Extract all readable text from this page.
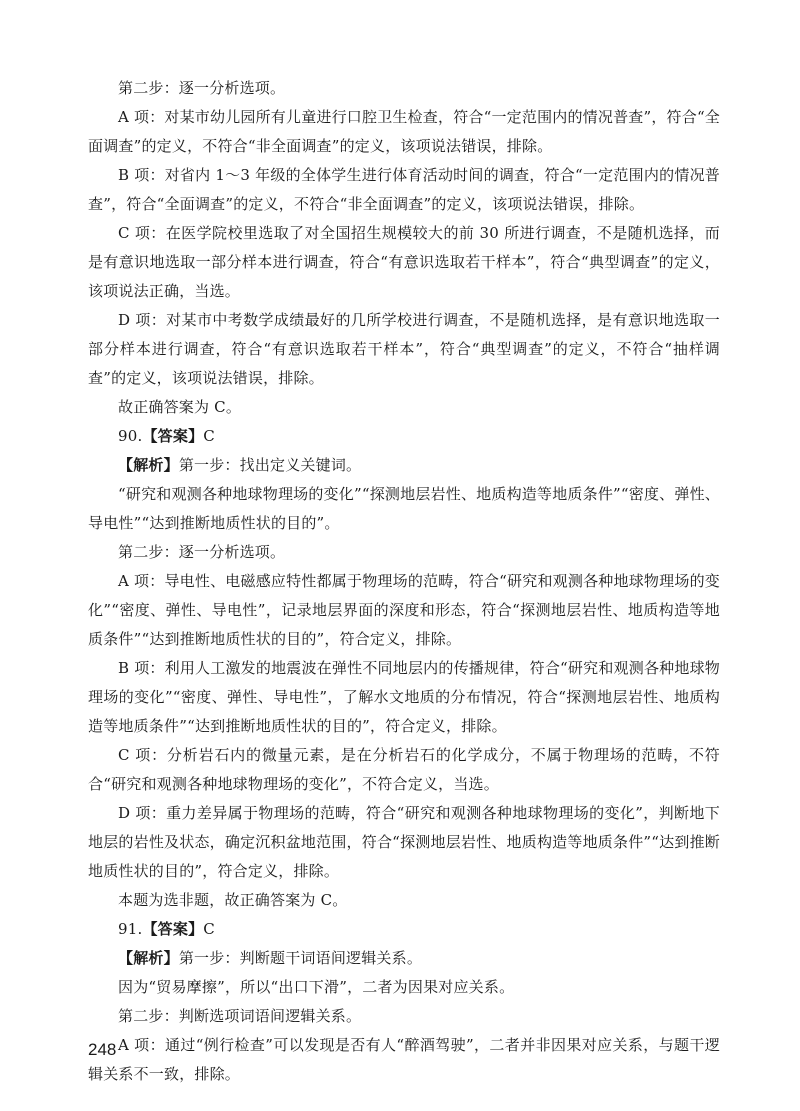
第二步：逐一分析选项。

A 项：对某市幼儿园所有儿童进行口腔卫生检查，符合“一定范围内的情况普查”，符合“全面调查”的定义，不符合“非全面调查”的定义，该项说法错误，排除。

B 项：对省内 1～3 年级的全体学生进行体育活动时间的调查，符合“一定范围内的情况普查”，符合“全面调查”的定义，不符合“非全面调查”的定义，该项说法错误，排除。

C 项：在医学院校里选取了对全国招生规模较大的前 30 所进行调查，不是随机选择，而是有意识地选取一部分样本进行调查，符合“有意识选取若干样本”，符合“典型调查”的定义，该项说法正确，当选。

D 项：对某市中考数学成绩最好的几所学校进行调查，不是随机选择，是有意识地选取一部分样本进行调查，符合“有意识选取若干样本”，符合“典型调查”的定义，不符合“抽样调查”的定义，该项说法错误，排除。

故正确答案为 C。

90.【答案】C

【解析】第一步：找出定义关键词。

“研究和观测各种地球物理场的变化”“探测地层岩性、地质构造等地质条件”“密度、弹性、导电性”“达到推断地质性状的目的”。

第二步：逐一分析选项。

A 项：导电性、电磁感应特性都属于物理场的范畴，符合“研究和观测各种地球物理场的变化”“密度、弹性、导电性”，记录地层界面的深度和形态，符合“探测地层岩性、地质构造等地质条件”“达到推断地质性状的目的”，符合定义，排除。

B 项：利用人工激发的地震波在弹性不同地层内的传播规律，符合“研究和观测各种地球物理场的变化”“密度、弹性、导电性”，了解水文地质的分布情况，符合“探测地层岩性、地质构造等地质条件”“达到推断地质性状的目的”，符合定义，排除。

C 项：分析岩石内的微量元素，是在分析岩石的化学成分，不属于物理场的范畴，不符合“研究和观测各种地球物理场的变化”，不符合定义，当选。

D 项：重力差异属于物理场的范畴，符合“研究和观测各种地球物理场的变化”，判断地下地层的岩性及状态，确定沉积盆地范围，符合“探测地层岩性、地质构造等地质条件”“达到推断地质性状的目的”，符合定义，排除。

本题为选非题，故正确答案为 C。

91.【答案】C

【解析】第一步：判断题干词语间逻辑关系。

因为“贸易摩擦”，所以“出口下滑”，二者为因果对应关系。

第二步：判断选项词语间逻辑关系。

A 项：通过“例行检查”可以发现是否有人“醉酒驾驶”，二者并非因果对应关系，与题干逻辑关系不一致，排除。

248
